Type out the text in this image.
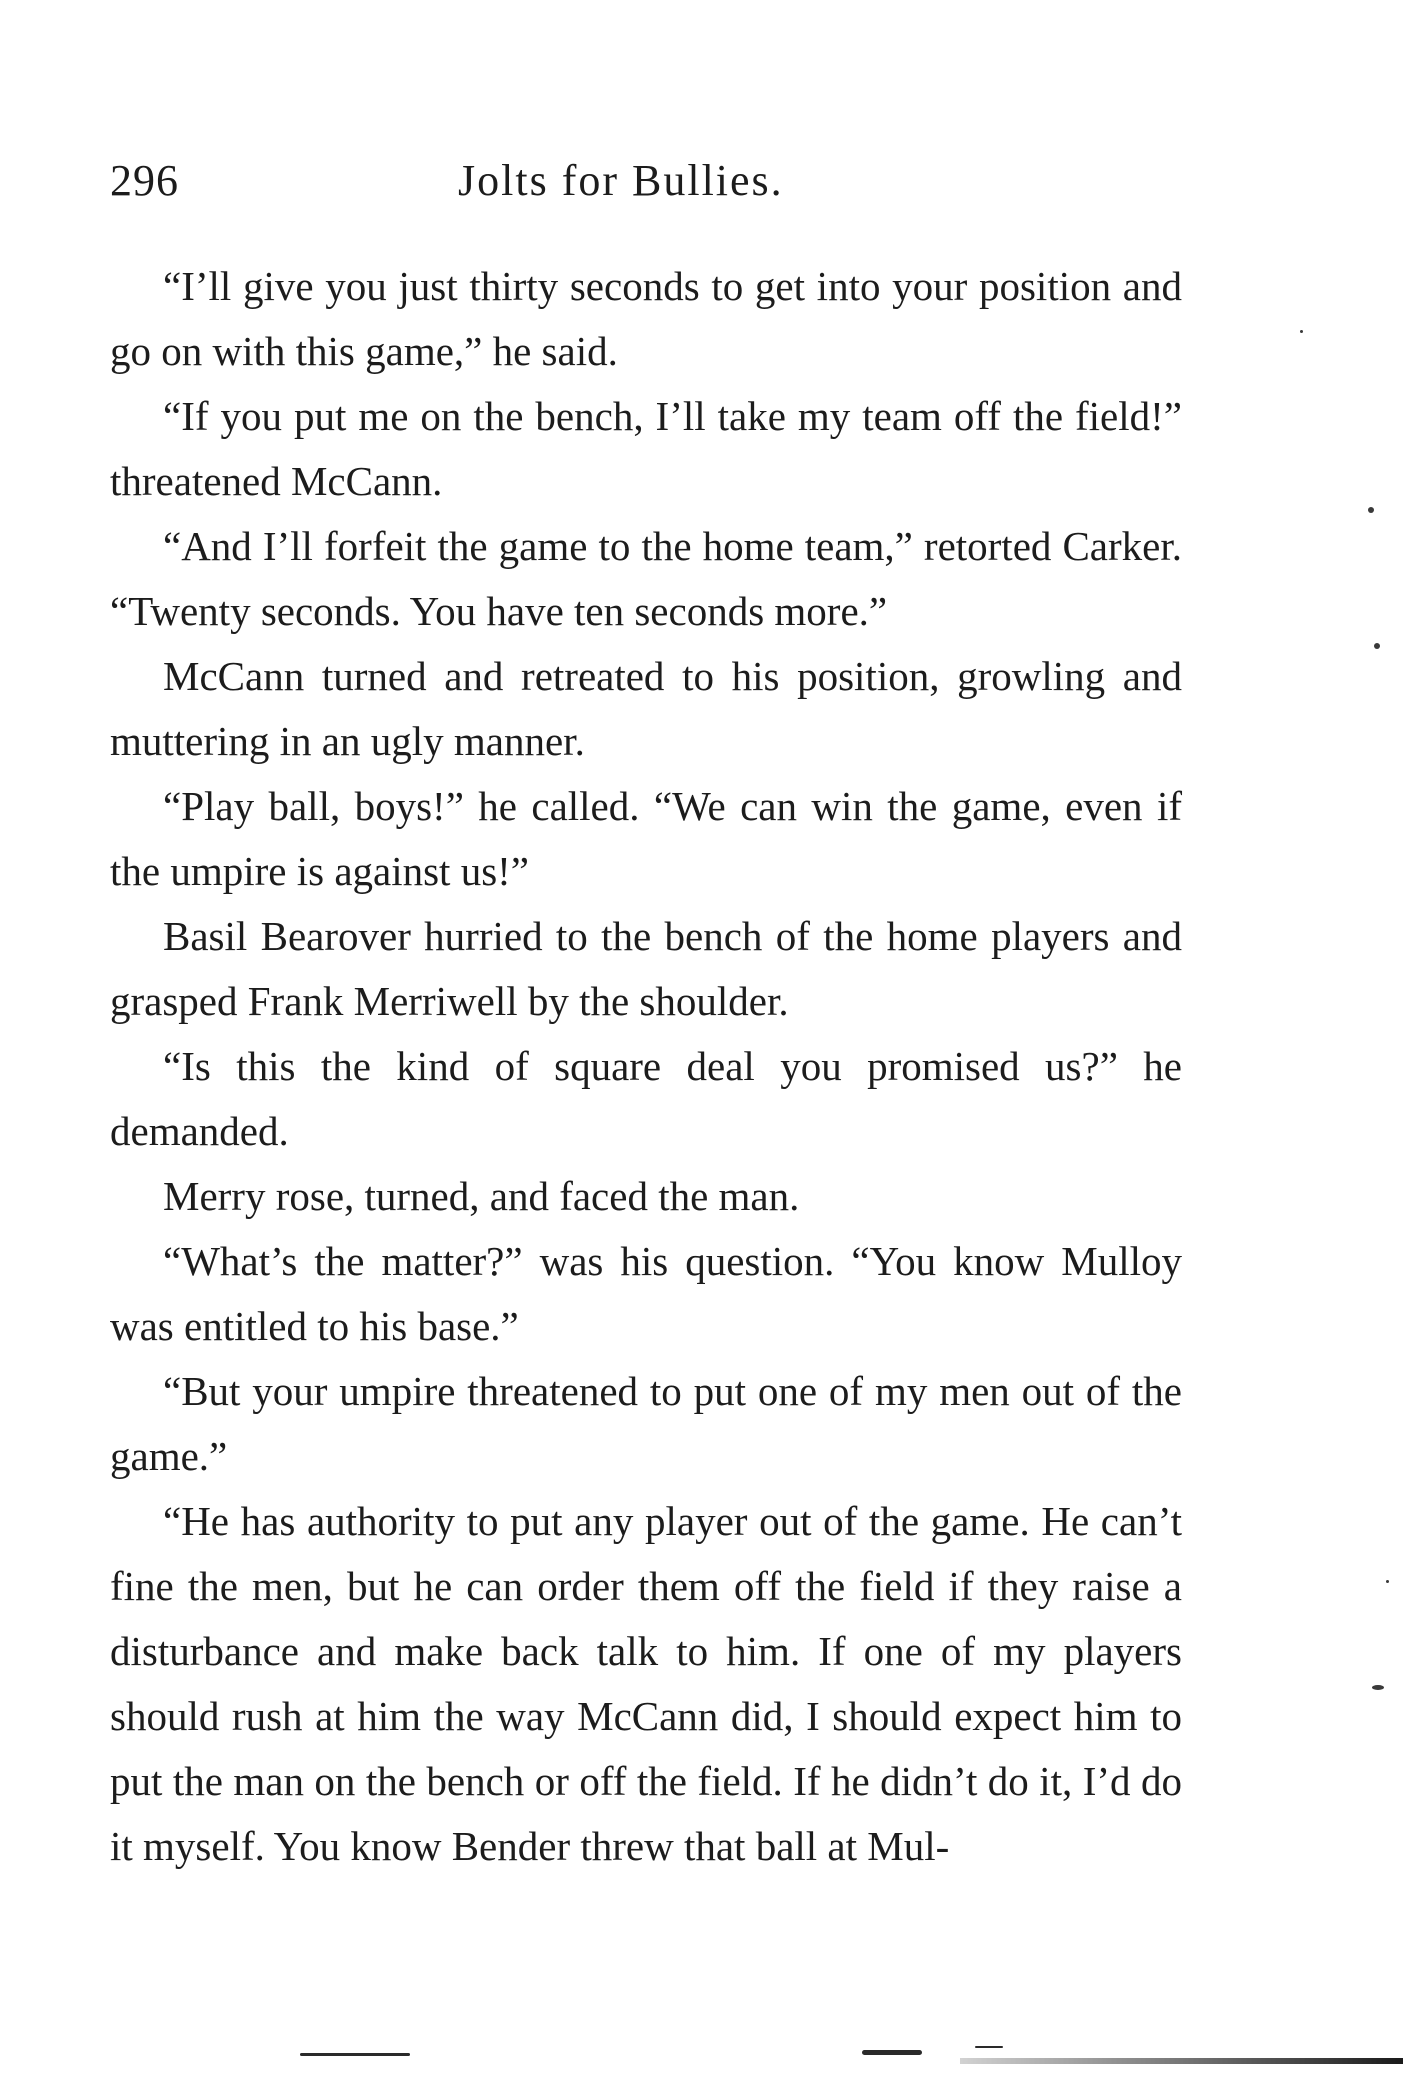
296	Jolts for Bullies.

“I’ll give you just thirty seconds to get into your position and go on with this game,” he said.

“If you put me on the bench, I’ll take my team off the field!” threatened McCann.

“And I’ll forfeit the game to the home team,” retorted Carker. “Twenty seconds. You have ten seconds more.”

McCann turned and retreated to his position, growling and muttering in an ugly manner.

“Play ball, boys!” he called. “We can win the game, even if the umpire is against us!”

Basil Bearover hurried to the bench of the home players and grasped Frank Merriwell by the shoulder.

“Is this the kind of square deal you promised us?” he demanded.

Merry rose, turned, and faced the man.

“What’s the matter?” was his question. “You know Mulloy was entitled to his base.”

“But your umpire threatened to put one of my men out of the game.”

“He has authority to put any player out of the game. He can’t fine the men, but he can order them off the field if they raise a disturbance and make back talk to him. If one of my players should rush at him the way McCann did, I should expect him to put the man on the bench or off the field. If he didn’t do it, I’d do it myself. You know Bender threw that ball at Mul-
